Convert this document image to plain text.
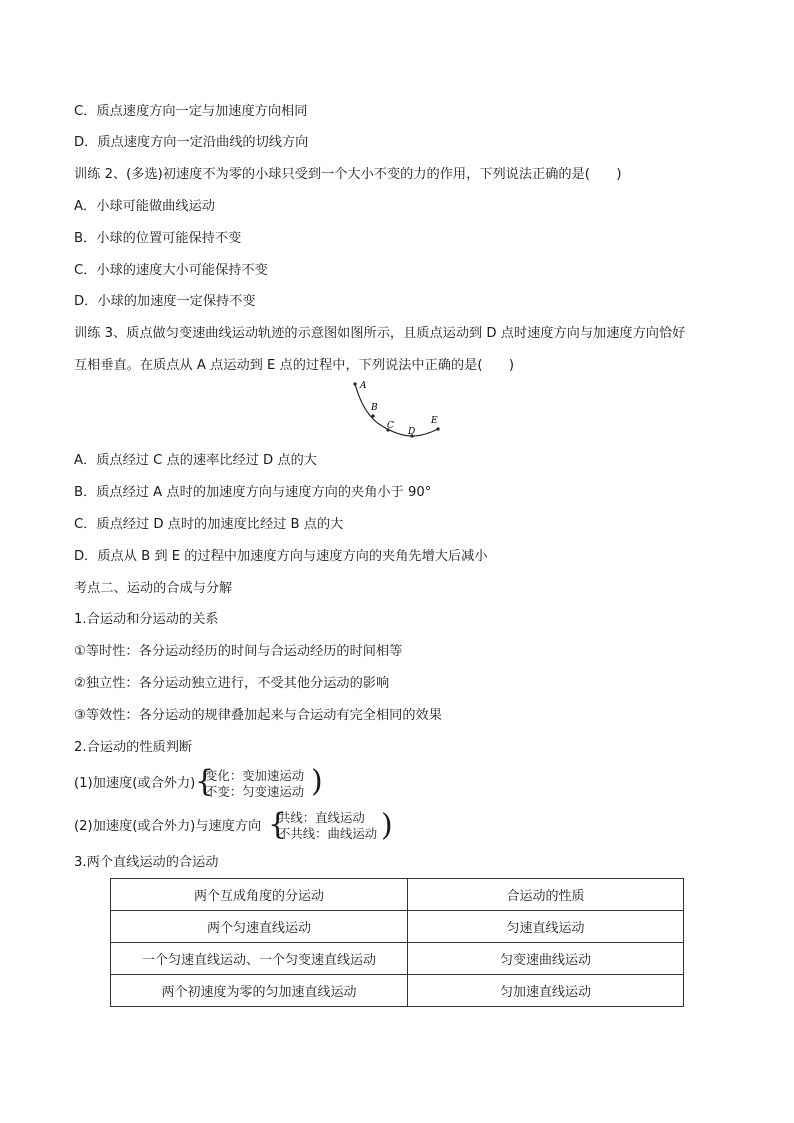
C．质点速度方向一定与加速度方向相同
D．质点速度方向一定沿曲线的切线方向
训练 2、(多选)初速度不为零的小球只受到一个大小不变的力的作用，下列说法正确的是(　　)
A．小球可能做曲线运动
B．小球的位置可能保持不变
C．小球的速度大小可能保持不变
D．小球的加速度一定保持不变
训练 3、质点做匀变速曲线运动轨迹的示意图如图所示，且质点运动到 D 点时速度方向与加速度方向恰好
互相垂直。在质点从 A 点运动到 E 点的过程中，下列说法中正确的是(　　)
A
B
C
D
E
A．质点经过 C 点的速率比经过 D 点的大
B．质点经过 A 点时的加速度方向与速度方向的夹角小于 90°
C．质点经过 D 点时的加速度比经过 B 点的大
D．质点从 B 到 E 的过程中加速度方向与速度方向的夹角先增大后减小
考点二、运动的合成与分解
1.合运动和分运动的关系
①等时性：各分运动经历的时间与合运动经历的时间相等
②独立性：各分运动独立进行，不受其他分运动的影响
③等效性：各分运动的规律叠加起来与合运动有完全相同的效果
2.合运动的性质判断
(1)加速度(或合外力) {
变化：变加速运动
不变：匀变速运动 )
(2)加速度(或合外力)与速度方向 {
共线：直线运动
不共线：曲线运动 )
3.两个直线运动的合运动
两个互成角度的分运动	合运动的性质
两个匀速直线运动	匀速直线运动
一个匀速直线运动、一个匀变速直线运动	匀变速曲线运动
两个初速度为零的匀加速直线运动	匀加速直线运动
